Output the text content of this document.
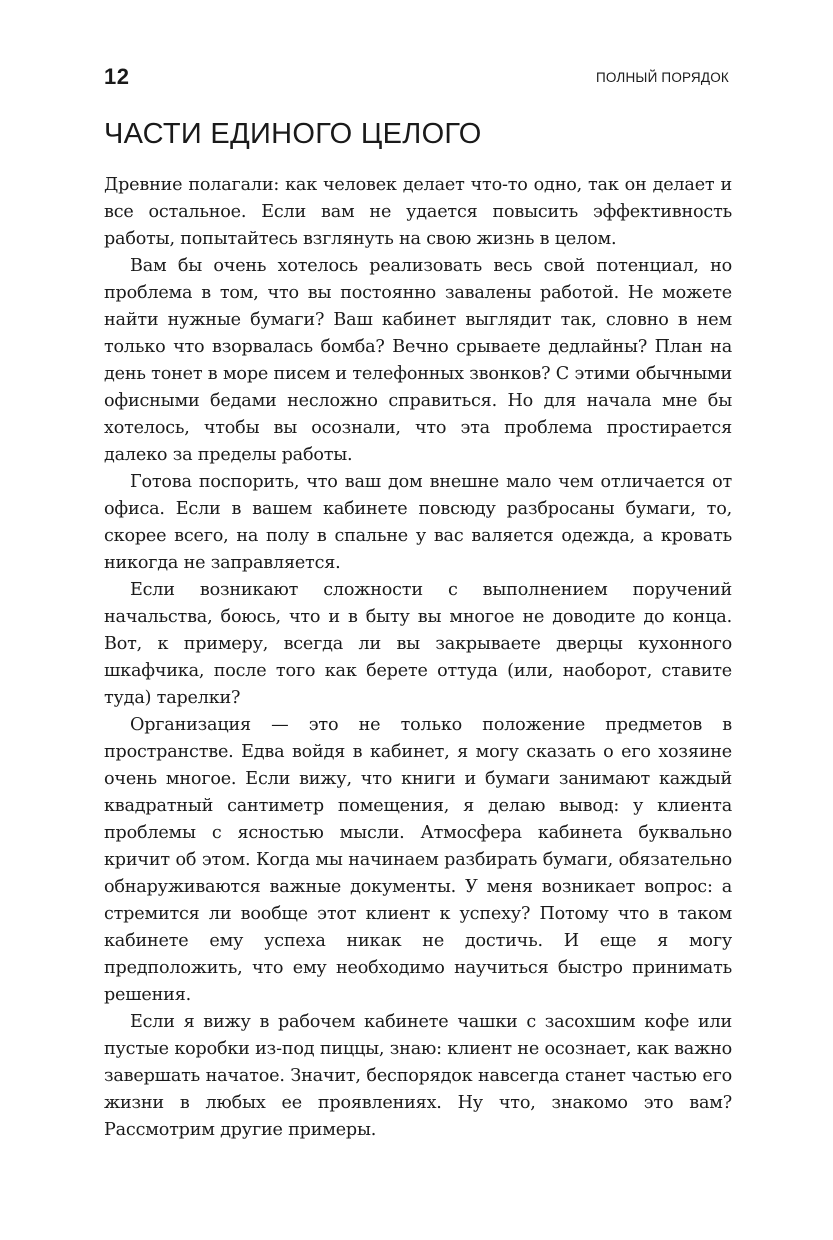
12	ПОЛНЫЙ ПОРЯДОК
ЧАСТИ ЕДИНОГО ЦЕЛОГО

Древние полагали: как человек делает что-то одно, так он делает и все остальное. Если вам не удается повысить эффективность работы, попытайтесь взглянуть на свою жизнь в целом.

Вам бы очень хотелось реализовать весь свой потенциал, но проблема в том, что вы постоянно завалены работой. Не можете найти нужные бумаги? Ваш кабинет выглядит так, словно в нем только что взорвалась бомба? Вечно срываете дедлайны? План на день тонет в море писем и телефонных звонков? С этими обычными офисными бедами несложно справиться. Но для начала мне бы хотелось, чтобы вы осознали, что эта проблема простирается далеко за пределы работы.

Готова поспорить, что ваш дом внешне мало чем отличается от офиса. Если в вашем кабинете повсюду разбросаны бумаги, то, скорее всего, на полу в спальне у вас валяется одежда, а кровать никогда не заправляется.

Если возникают сложности с выполнением поручений начальства, боюсь, что и в быту вы многое не доводите до конца. Вот, к примеру, всегда ли вы закрываете дверцы кухонного шкафчика, после того как берете оттуда (или, наоборот, ставите туда) тарелки?

Организация — это не только положение предметов в пространстве. Едва войдя в кабинет, я могу сказать о его хозяине очень многое. Если вижу, что книги и бумаги занимают каждый квадратный сантиметр помещения, я делаю вывод: у клиента проблемы с ясностью мысли. Атмосфера кабинета буквально кричит об этом. Когда мы начинаем разбирать бумаги, обязательно обнаруживаются важные документы. У меня возникает вопрос: а стремится ли вообще этот клиент к успеху? Потому что в таком кабинете ему успеха никак не достичь. И еще я могу предположить, что ему необходимо научиться быстро принимать решения.

Если я вижу в рабочем кабинете чашки с засохшим кофе или пустые коробки из-под пиццы, знаю: клиент не осознает, как важно завершать начатое. Значит, беспорядок навсегда станет частью его жизни в любых ее проявлениях. Ну что, знакомо это вам? Рассмотрим другие примеры.
